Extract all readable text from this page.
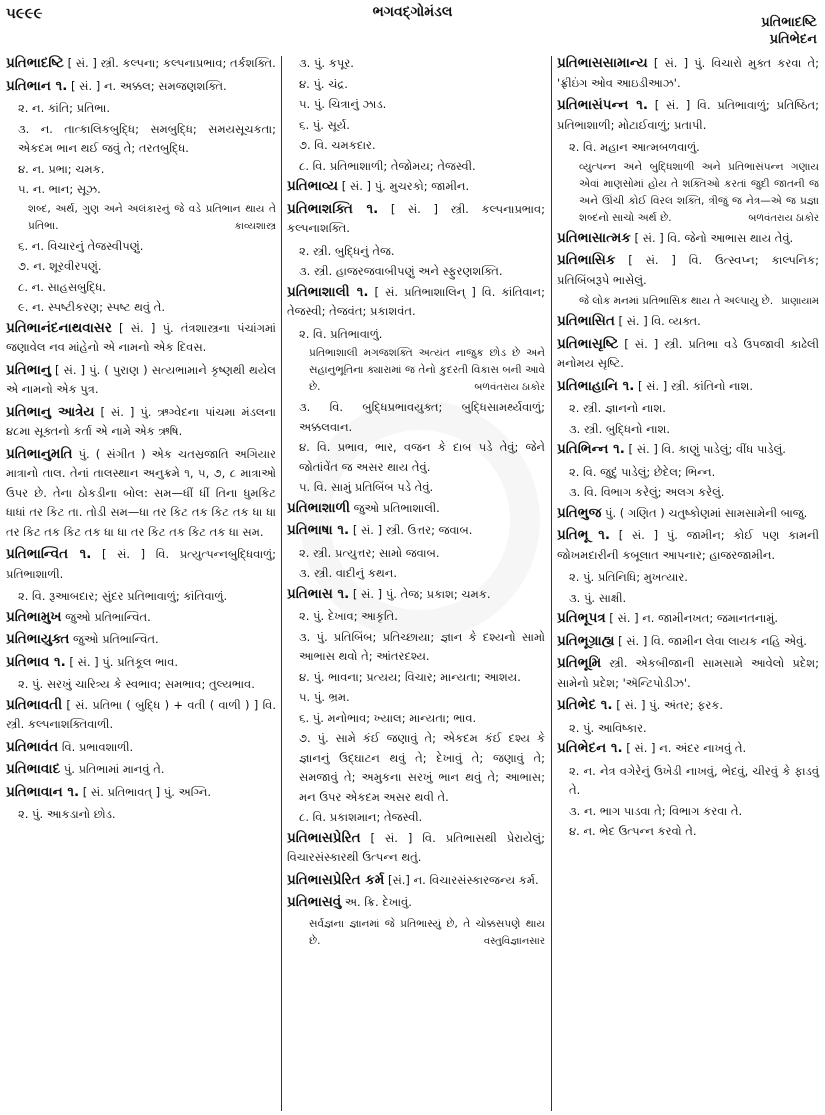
૫૯૯૯	ભગવદ્ગોમંડલ
પ્રતિભાદષ્ટિ
પ્રતિભેદન
પ્રતિભાદષ્ટિ [ સં. ] સ્ત્રી. કલ્પના; કલ્પનાપ્રભાવ; તર્કશક્તિ.
પ્રતિભાન ૧. [ સં. ] ન. અક્કલ; સમજણશક્તિ.
૨. ન. કાંતિ; પ્રતિભા.
૩. ન. તાત્કાલિકબુદ્ધિ; સમબુદ્ધિ; સમયસૂચકતા; એકદમ ભાન થઈ જવું તે; તરતબુદ્ધિ.
૪. ન. પ્રભા; ચમક.
૫. ન. ભાન; સૂઝ.
શબ્દ, અર્થ, ગુણ અને અલંકારનું જે વડે પ્રતિભાન થાય તે પ્રતિભા.	કાવ્યશાસ્ત્ર
૬. ન. વિચારનું તેજસ્વીપણું.
૭. ન. શૂરવીરપણું.
૮. ન. સાહસબુદ્ધિ.
૯. ન. સ્પષ્ટીકરણ; સ્પષ્ટ થવું તે.
પ્રતિભાનંદનાથવાસર [ સં. ] પું. તંત્રશાસ્ત્રના પંચાંગમાં જણાવેલ નવ માંહેનો એ નામનો એક દિવસ.
પ્રતિભાનુ [ સં. ] પું. ( પુરાણ ) સત્યભામાને કૃષ્ણથી થયેલ એ નામનો એક પુત્ર.
પ્રતિભાનુ આત્રેય [ સં. ] પું. ઋગ્વેદના પાંચમા મંડલના ૪૮મા સૂક્તનો કર્તા એ નામે એક ઋષિ.
પ્રતિભાનુમતિ પું. ( સંગીત ) એક ચતસ્રજાતિ અગિયાર માત્રાનો તાલ. તેનાં તાલસ્થાન અનુક્રમે ૧, ૫, ૭, ૮ માત્રાઓ ઉપર છે. તેના ઠોકડીના બોલ: સમ—ધીં ધીં તિના ધુમકિટ ધાધાં તર કિટ તા. તોડી સમ—ધા તર કિટ તક કિટ તક ધા ધા તર કિટ તક કિટ તક ધા ધા તર કિટ તક કિટ તક ધા સમ.
પ્રતિભાન્વિત ૧. [ સં. ] વિ. પ્રત્યુત્પન્નબુદ્ધિવાળું; પ્રતિભાશાળી.
૨. વિ. રૂઆબદાર; સુંદર પ્રતિભાવાળું; કાંતિવાળું.
પ્રતિભામુખ જુઓ પ્રતિભાન્વિત.
પ્રતિભાયુક્ત જુઓ પ્રતિભાન્વિત.
પ્રતિભાવ ૧. [ સં. ] પું. પ્રતિકૂલ ભાવ.
૨. પું. સરખું ચારિત્ર્ય કે સ્વભાવ; સમભાવ; તુલ્યભાવ.
પ્રતિભાવતી [ સં. પ્રતિભા ( બુદ્ધિ ) + વતી ( વાળી ) ] વિ. સ્ત્રી. કલ્પનાશક્તિવાળી.
પ્રતિભાવંત વિ. પ્રભાવશાળી.
પ્રતિભાવાદ પું. પ્રતિભામાં માનવું તે.
પ્રતિભાવાન ૧. [ સં. પ્રતિભાવત્ ] પું. અગ્નિ.
૨. પું. આકડાનો છોડ.
૩. પું. કપૂર.
૪. પું. ચંદ્ર.
૫. પું. ચિત્રાનું ઝાડ.
૬. પું. સૂર્ય.
૭. વિ. ચમકદાર.
૮. વિ. પ્રતિભાશાળી; તેજોમય; તેજસ્વી.
પ્રતિભાવ્ય [ સં. ] પું. મુચરકો; જામીન.
પ્રતિભાશક્તિ ૧. [ સં. ] સ્ત્રી. કલ્પનાપ્રભાવ; કલ્પનાશક્તિ.
૨. સ્ત્રી. બુદ્ધિનું તેજ.
૩. સ્ત્રી. હાજરજવાબીપણું અને સ્ફુરણશક્તિ.
પ્રતિભાશાલી ૧. [ સં. પ્રતિભાશાલિન્ ] વિ. કાંતિવાન; તેજસ્વી; તેજવંત; પ્રકાશવંત.
૨. વિ. પ્રતિભાવાળું.
પ્રતિભાશાલી મગજશક્તિ અત્યંત નાજુક છોડ છે અને સહાનુભૂતિના ક્યારામાં જ તેનો કુદરતી વિકાસ બની આવે છે.	બળવંતરાય ઠાકોર
૩. વિ. બુદ્ધિપ્રભાવયુક્ત; બુદ્ધિસામર્થ્યવાળું; અક્કલવાન.
૪. વિ. પ્રભાવ, ભાર, વજન કે દાબ પડે તેવું; જેને જોતાંવેંત જ અસર થાય તેવું.
૫. વિ. સામું પ્રતિબિંબ પડે તેવું.
પ્રતિભાશાળી જુઓ પ્રતિભાશાલી.
પ્રતિભાષા ૧. [ સં. ] સ્ત્રી. ઉત્તર; જવાબ.
૨. સ્ત્રી. પ્રત્યુત્તર; સામો જવાબ.
૩. સ્ત્રી. વાદીનું કથન.
પ્રતિભાસ ૧. [ સં. ] પું. તેજ; પ્રકાશ; ચમક.
૨. પું. દેખાવ; આકૃતિ.
૩. પું. પ્રતિબિંબ; પ્રતિચ્છાયા; જ્ઞાન કે દશ્યનો સામો આભાસ થવો તે; આંતરદશ્ય.
૪. પું. ભાવના; પ્રત્યય; વિચાર; માન્યતા; આશય.
૫. પું. ભ્રમ.
૬. પું. મનોભાવ; ખ્યાલ; માન્યતા; ભાવ.
૭. પું. સામે કંઈ જણાવું તે; એકદમ કંઈ દશ્ય કે જ્ઞાનનું ઉદ્‌ઘાટન થવું તે; દેખાવું તે; જણાવું તે; સમજાવું તે; અમુકના સરખું ભાન થવું તે; આભાસ; મન ઉપર એકદમ અસર થવી તે.
૮. વિ. પ્રકાશમાન; તેજસ્વી.
પ્રતિભાસપ્રેરિત [ સં. ] વિ. પ્રતિભાસથી પ્રેરાયેલું; વિચારસંસ્કારથી ઉત્પન્ન થતું.
પ્રતિભાસપ્રેરિત કર્મ [સં.] ન. વિચારસંસ્કારજન્ય કર્મ.
પ્રતિભાસવું અ. ક્રિ. દેખાવું.
સર્વજ્ઞના જ્ઞાનમાં જે પ્રતિભાસ્યું છે, તે ચોક્કસપણે થાય છે.	વસ્તુવિજ્ઞાનસાર
પ્રતિભાસસામાન્ય [ સં. ] પું. વિચારો મુક્ત કરવા તે; 'ફ્રીઇંગ ઓવ આઇડીઆઝ'.
પ્રતિભાસંપન્ન ૧. [ સં. ] વિ. પ્રતિભાવાળું; પ્રતિષ્ઠિત; પ્રતિભાશાળી; મોટાઈવાળું; પ્રતાપી.
૨. વિ. મહાન આત્મબળવાળું.
વ્યુત્પન્ન અને બુદ્ધિશાળી અને પ્રતિભાસંપન્ન ગણાય એવાં માણસોમાં હોય તે શક્તિઓ કરતાં જુદી જાતની જ અને ઊંચી કોઈ વિરલ શક્તિ, ત્રીજું જ નેત્ર—એ જ પ્રજ્ઞા શબ્દનો સાચો અર્થ છે.	બળવંતરાય ઠાકોર
પ્રતિભાસાત્મક [ સં. ] વિ. જેનો આભાસ થાય તેવું.
પ્રતિભાસિક [ સં. ] વિ. ઉત્સ્વપ્ન; કાલ્પનિક; પ્રતિબિંબરૂપે ભાસેલું.
જે લોક મનમાં પ્રતિભાસિક થાય તે અલ્પાયુ છે. પ્રાણાયામ
પ્રતિભાસિત [ સં. ] વિ. વ્યક્ત.
પ્રતિભાસૃષ્ટિ [ સં. ] સ્ત્રી. પ્રતિભા વડે ઉપજાવી કાઢેલી મનોમય સૃષ્ટિ.
પ્રતિભાહાનિ ૧. [ સં. ] સ્ત્રી. કાંતિનો નાશ.
૨. સ્ત્રી. જ્ઞાનનો નાશ.
૩. સ્ત્રી. બુદ્ધિનો નાશ.
પ્રતિભિન્ન ૧. [ સં. ] વિ. કાણું પાડેલું; વીંધ પાડેલું.
૨. વિ. જુદું પાડેલું; છેદેલ; ભિન્ન.
૩. વિ. વિભાગ કરેલું; અલગ કરેલું.
પ્રતિભુજ પું. ( ગણિત ) ચતુષ્કોણમાં સામસામેની બાજુ.
પ્રતિભૂ ૧. [ સં. ] પું. જામીન; કોઈ પણ કામની જોખમદારીની કબૂલાત આપનાર; હાજરજામીન.
૨. પું. પ્રતિનિધિ; મુખત્યાર.
૩. પું. સાક્ષી.
પ્રતિભૂપત્ર [ સં. ] ન. જામીનખત; જમાનતનામું.
પ્રતિભૂગ્રાહ્ય [ સં. ] વિ. જામીન લેવા લાયક નહિ એવું.
પ્રતિભૂમિ સ્ત્રી. એકબીજાની સામસામે આવેલો પ્રદેશ; સામેનો પ્રદેશ; 'ઍન્ટિપોડીઝ'.
પ્રતિભેદ ૧. [ સં. ] પું. અંતર; ફરક.
૨. પું. આવિષ્કાર.
પ્રતિભેદન ૧. [ સં. ] ન. અંદર નાખવું તે.
૨. ન. નેત્ર વગેરેનું ઉખેડી નાખવું, ભેદવું, ચીરવું કે ફાડવું તે.
૩. ન. ભાગ પાડવા તે; વિભાગ કરવા તે.
૪. ન. ભેદ ઉત્પન્ન કરવો તે.
